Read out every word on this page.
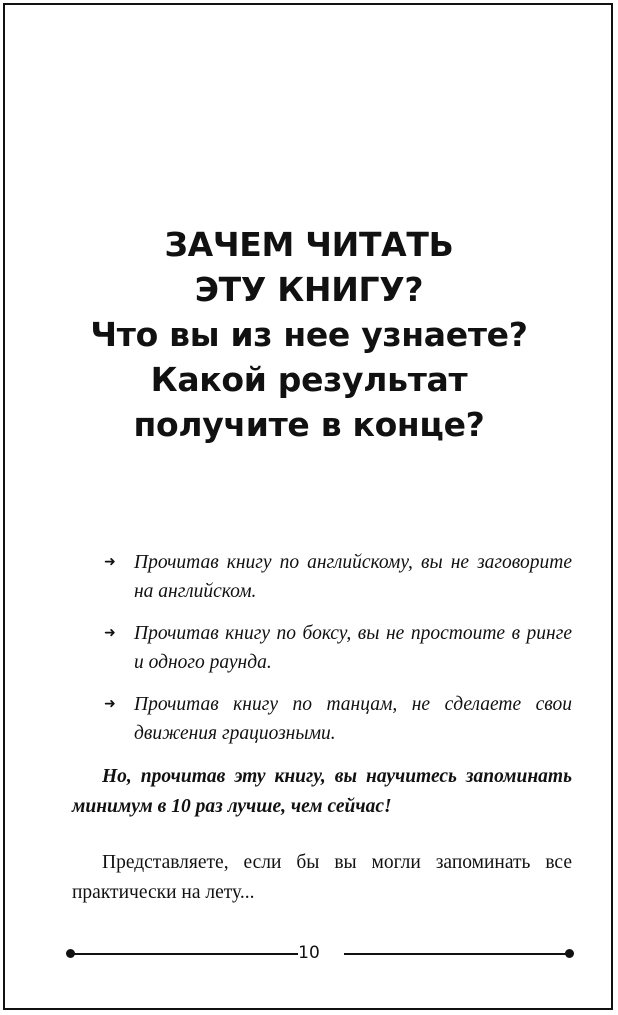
ЗАЧЕМ ЧИТАТЬ
ЭТУ КНИГУ?
Что вы из нее узнаете?
Какой результат
получите в конце?
➜ Прочитав книгу по английскому, вы не заговорите на английском.
➜ Прочитав книгу по боксу, вы не простоите в ринге и одного раунда.
➜ Прочитав книгу по танцам, не сделаете свои движения грациозными.
Но, прочитав эту книгу, вы научитесь запоминать минимум в 10 раз лучше, чем сейчас!
Представляете, если бы вы могли запоминать все практически на лету...
10
